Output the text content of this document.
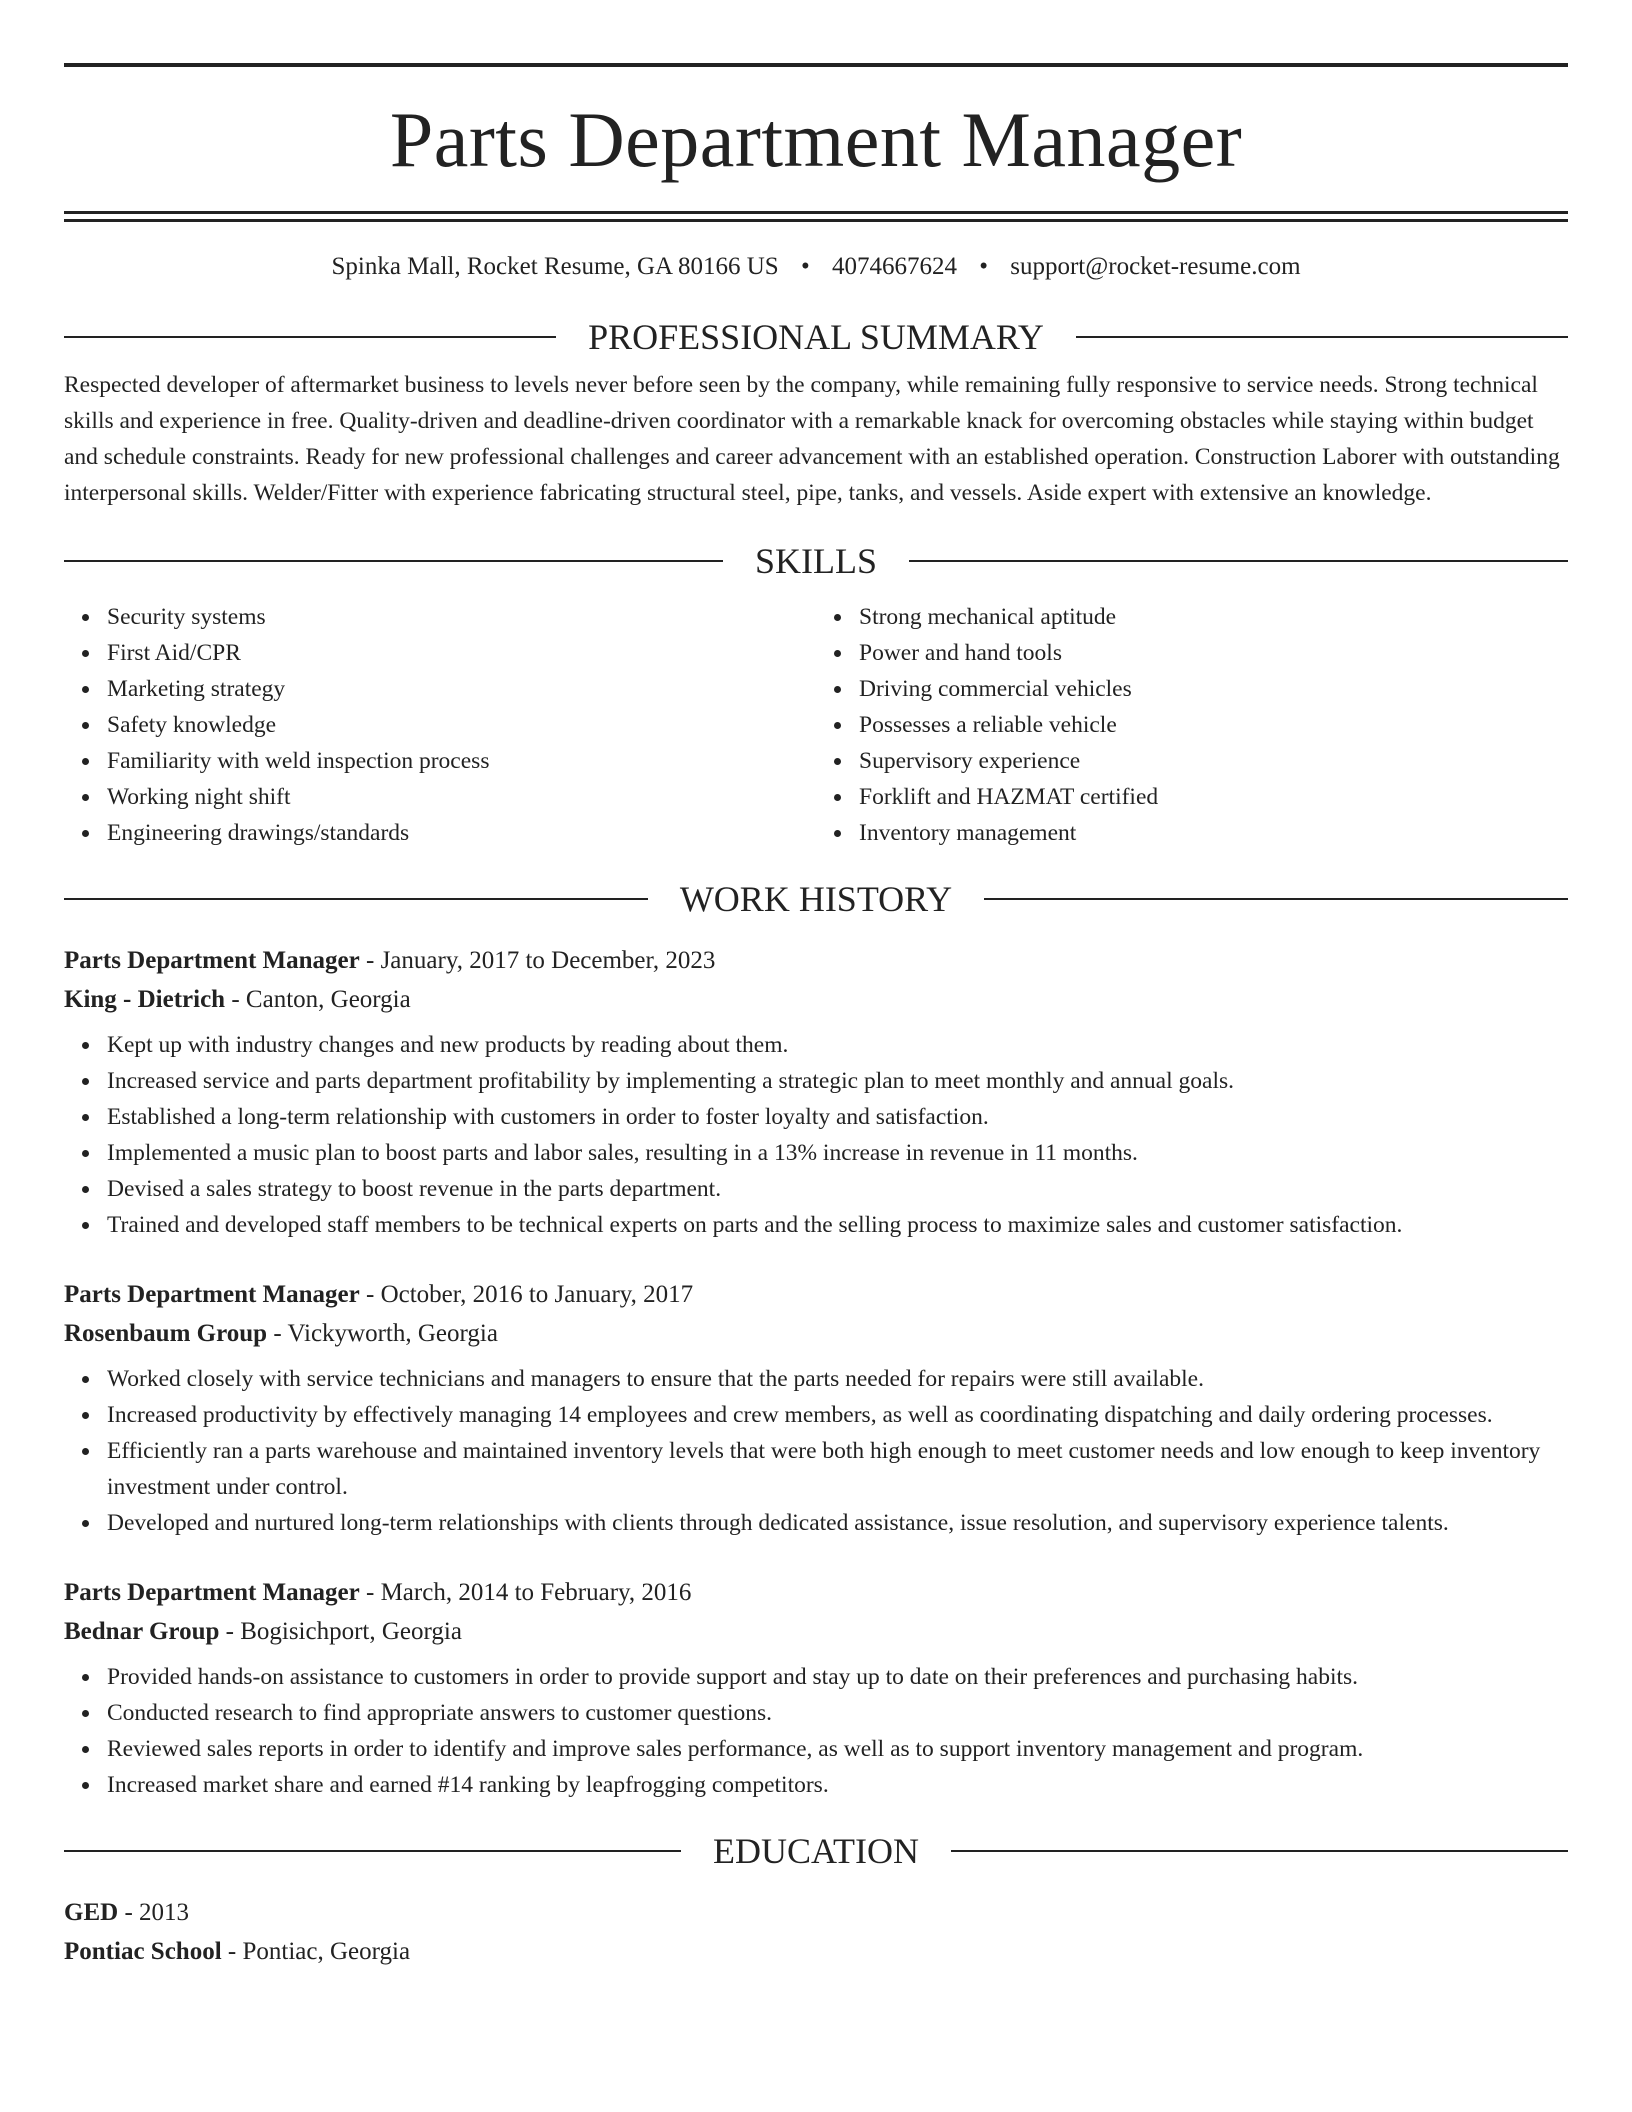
Parts Department Manager
Spinka Mall, Rocket Resume, GA 80166 US • 4074667624 • support@rocket-resume.com
PROFESSIONAL SUMMARY

Respected developer of aftermarket business to levels never before seen by the company, while remaining fully responsive to service needs. Strong technical skills and experience in free. Quality-driven and deadline-driven coordinator with a remarkable knack for overcoming obstacles while staying within budget and schedule constraints. Ready for new professional challenges and career advancement with an established operation. Construction Laborer with outstanding interpersonal skills. Welder/Fitter with experience fabricating structural steel, pipe, tanks, and vessels. Aside expert with extensive an knowledge.

SKILLS
Security systems
First Aid/CPR
Marketing strategy
Safety knowledge
Familiarity with weld inspection process
Working night shift
Engineering drawings/standards
Strong mechanical aptitude
Power and hand tools
Driving commercial vehicles
Possesses a reliable vehicle
Supervisory experience
Forklift and HAZMAT certified
Inventory management
WORK HISTORY
Parts Department Manager - January, 2017 to December, 2023
King - Dietrich - Canton, Georgia
Kept up with industry changes and new products by reading about them.
Increased service and parts department profitability by implementing a strategic plan to meet monthly and annual goals.
Established a long-term relationship with customers in order to foster loyalty and satisfaction.
Implemented a music plan to boost parts and labor sales, resulting in a 13% increase in revenue in 11 months.
Devised a sales strategy to boost revenue in the parts department.
Trained and developed staff members to be technical experts on parts and the selling process to maximize sales and customer satisfaction.
Parts Department Manager - October, 2016 to January, 2017
Rosenbaum Group - Vickyworth, Georgia
Worked closely with service technicians and managers to ensure that the parts needed for repairs were still available.
Increased productivity by effectively managing 14 employees and crew members, as well as coordinating dispatching and daily ordering processes.
Efficiently ran a parts warehouse and maintained inventory levels that were both high enough to meet customer needs and low enough to keep inventory investment under control.
Developed and nurtured long-term relationships with clients through dedicated assistance, issue resolution, and supervisory experience talents.
Parts Department Manager - March, 2014 to February, 2016
Bednar Group - Bogisichport, Georgia
Provided hands-on assistance to customers in order to provide support and stay up to date on their preferences and purchasing habits.
Conducted research to find appropriate answers to customer questions.
Reviewed sales reports in order to identify and improve sales performance, as well as to support inventory management and program.
Increased market share and earned #14 ranking by leapfrogging competitors.
EDUCATION
GED - 2013
Pontiac School - Pontiac, Georgia
